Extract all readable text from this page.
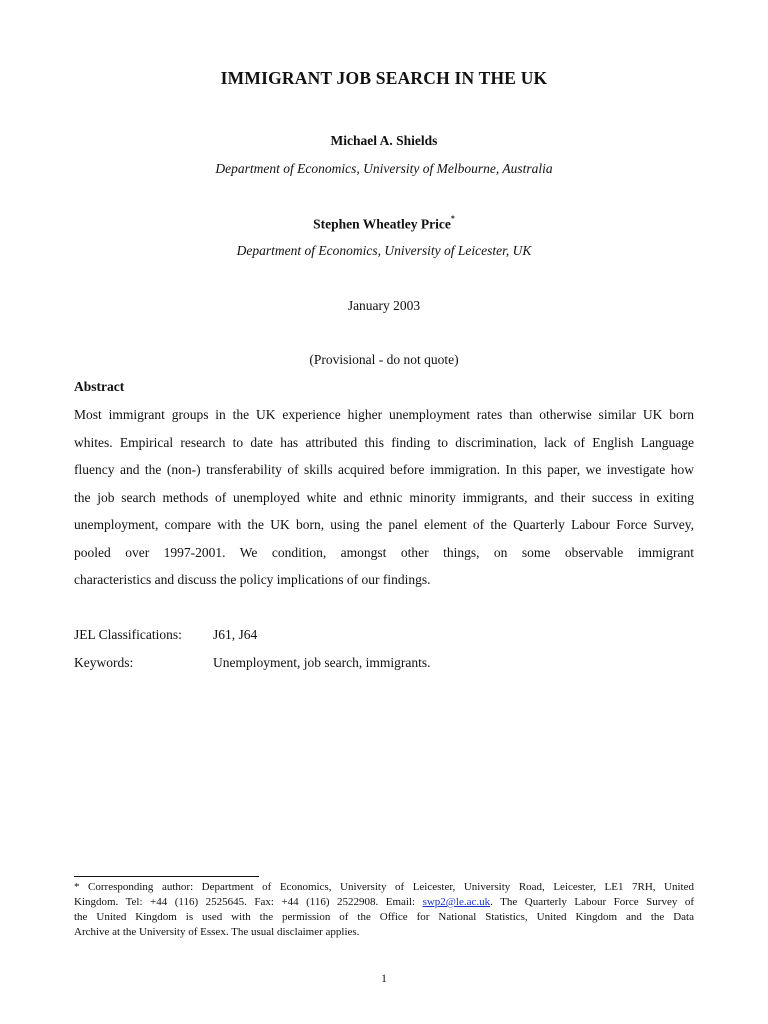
IMMIGRANT JOB SEARCH IN THE UK
Michael A. Shields
Department of Economics, University of Melbourne, Australia
Stephen Wheatley Price*
Department of Economics, University of Leicester, UK
January 2003
(Provisional - do not quote)
Abstract
Most immigrant groups in the UK experience higher unemployment rates than otherwise similar UK born
whites. Empirical research to date has attributed this finding to discrimination, lack of English Language
fluency and the (non-) transferability of skills acquired before immigration. In this paper, we investigate how
the job search methods of unemployed white and ethnic minority immigrants, and their success in exiting
unemployment, compare with the UK born, using the panel element of the Quarterly Labour Force Survey,
pooled over 1997-2001. We condition, amongst other things, on some observable immigrant
characteristics and discuss the policy implications of our findings.
JEL Classifications: J61, J64
Keywords:	Unemployment, job search, immigrants.
* Corresponding author: Department of Economics, University of Leicester, University Road, Leicester, LE1 7RH, United
Kingdom. Tel: +44 (116) 2525645. Fax: +44 (116) 2522908. Email: swp2@le.ac.uk. The Quarterly Labour Force Survey of
the United Kingdom is used with the permission of the Office for National Statistics, United Kingdom and the Data
Archive at the University of Essex. The usual disclaimer applies.
1
